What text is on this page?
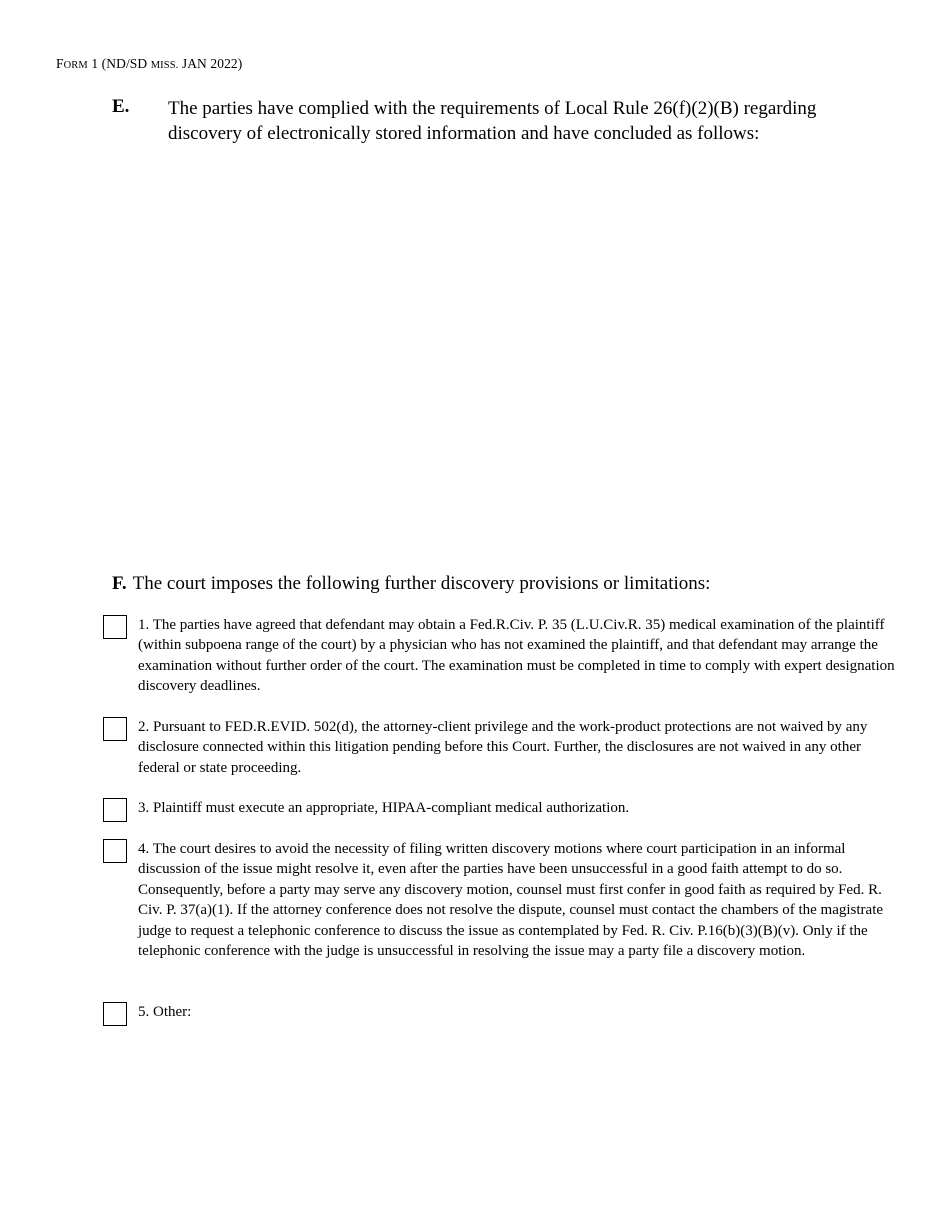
FORM 1 (ND/SD MISS. JAN 2022)
E. The parties have complied with the requirements of Local Rule 26(f)(2)(B) regarding discovery of electronically stored information and have concluded as follows:
F. The court imposes the following further discovery provisions or limitations:
1. The parties have agreed that defendant may obtain a Fed.R.Civ. P. 35 (L.U.Civ.R. 35) medical examination of the plaintiff (within subpoena range of the court) by a physician who has not examined the plaintiff, and that defendant may arrange the examination without further order of the court. The examination must be completed in time to comply with expert designation discovery deadlines.
2. Pursuant to FED.R.EVID. 502(d), the attorney-client privilege and the work-product protections are not waived by any disclosure connected within this litigation pending before this Court. Further, the disclosures are not waived in any other federal or state proceeding.
3. Plaintiff must execute an appropriate, HIPAA-compliant medical authorization.
4. The court desires to avoid the necessity of filing written discovery motions where court participation in an informal discussion of the issue might resolve it, even after the parties have been unsuccessful in a good faith attempt to do so. Consequently, before a party may serve any discovery motion, counsel must first confer in good faith as required by Fed. R. Civ. P. 37(a)(1). If the attorney conference does not resolve the dispute, counsel must contact the chambers of the magistrate judge to request a telephonic conference to discuss the issue as contemplated by Fed. R. Civ. P.16(b)(3)(B)(v). Only if the telephonic conference with the judge is unsuccessful in resolving the issue may a party file a discovery motion.
5. Other:
